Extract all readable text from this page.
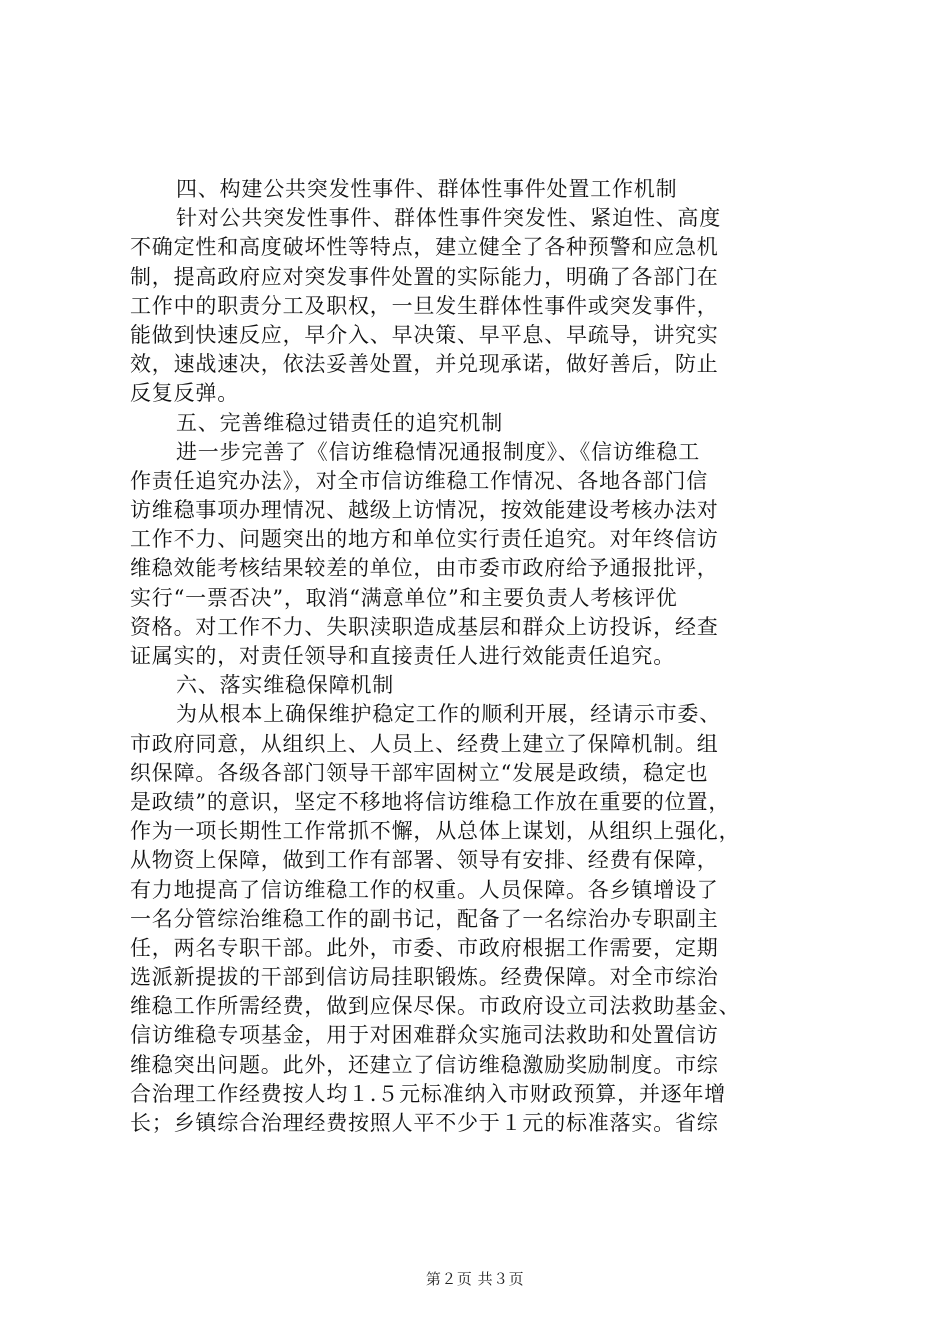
四、构建公共突发性事件、群体性事件处置工作机制
针对公共突发性事件、群体性事件突发性、紧迫性、高度
不确定性和高度破坏性等特点，建立健全了各种预警和应急机
制，提高政府应对突发事件处置的实际能力，明确了各部门在
工作中的职责分工及职权，一旦发生群体性事件或突发事件，
能做到快速反应，早介入、早决策、早平息、早疏导，讲究实
效，速战速决，依法妥善处置，并兑现承诺，做好善后，防止
反复反弹。
五、完善维稳过错责任的追究机制
进一步完善了《信访维稳情况通报制度》、《信访维稳工
作责任追究办法》，对全市信访维稳工作情况、各地各部门信
访维稳事项办理情况、越级上访情况，按效能建设考核办法对
工作不力、问题突出的地方和单位实行责任追究。对年终信访
维稳效能考核结果较差的单位，由市委市政府给予通报批评，
实行“一票否决”，取消“满意单位”和主要负责人考核评优
资格。对工作不力、失职渎职造成基层和群众上访投诉，经查
证属实的，对责任领导和直接责任人进行效能责任追究。
六、落实维稳保障机制
为从根本上确保维护稳定工作的顺利开展，经请示市委、
市政府同意，从组织上、人员上、经费上建立了保障机制。组
织保障。各级各部门领导干部牢固树立“发展是政绩，稳定也
是政绩”的意识，坚定不移地将信访维稳工作放在重要的位置，
作为一项长期性工作常抓不懈，从总体上谋划，从组织上强化，
从物资上保障，做到工作有部署、领导有安排、经费有保障，
有力地提高了信访维稳工作的权重。人员保障。各乡镇增设了
一名分管综治维稳工作的副书记，配备了一名综治办专职副主
任，两名专职干部。此外，市委、市政府根据工作需要，定期
选派新提拔的干部到信访局挂职锻炼。经费保障。对全市综治
维稳工作所需经费，做到应保尽保。市政府设立司法救助基金、
信访维稳专项基金，用于对困难群众实施司法救助和处置信访
维稳突出问题。此外，还建立了信访维稳激励奖励制度。市综
合治理工作经费按人均１.５元标准纳入市财政预算，并逐年增
长；乡镇综合治理经费按照人平不少于１元的标准落实。省综
第２页 共３页
